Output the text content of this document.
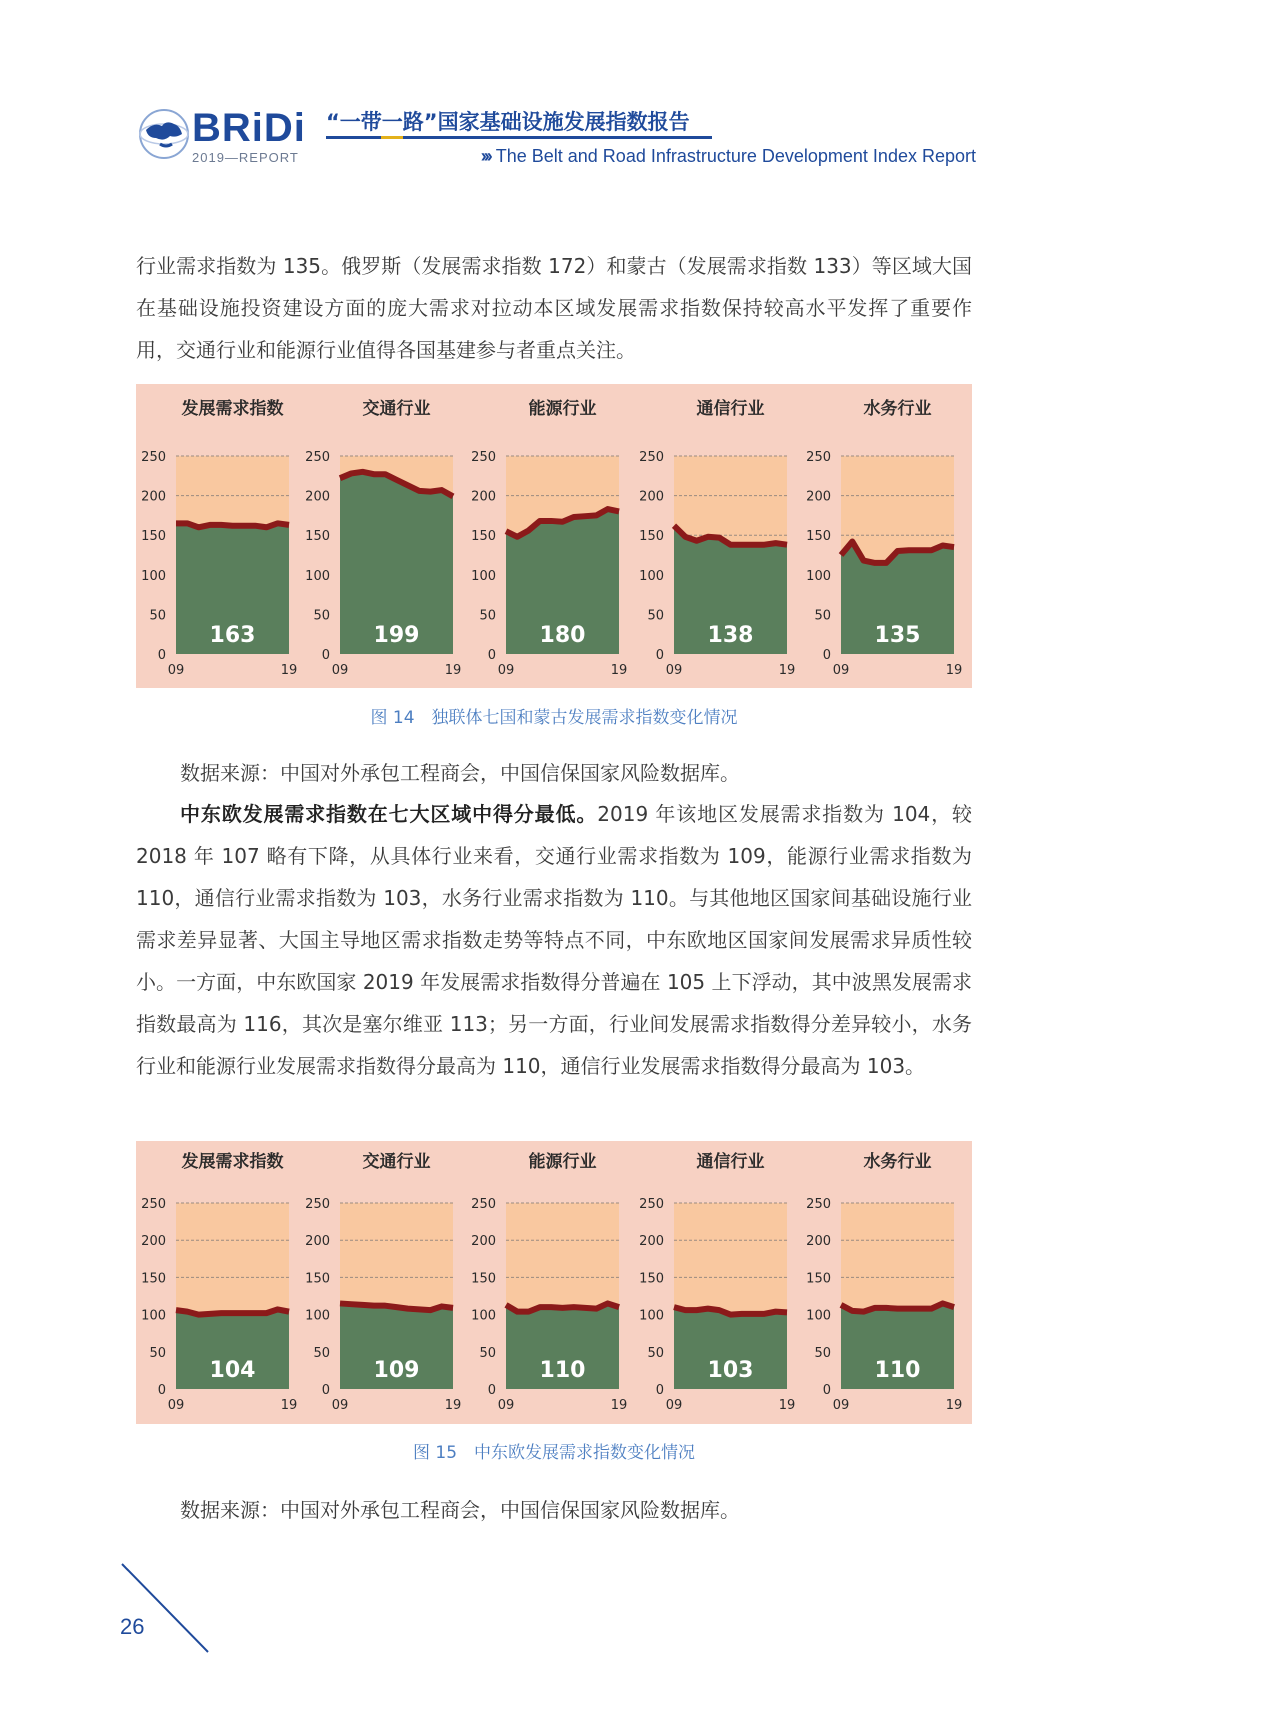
BRiDi
2019—REPORT
“一带一路”国家基础设施发展指数报告
››› The Belt and Road Infrastructure Development Index Report

行业需求指数为 135。俄罗斯（发展需求指数 172）和蒙古（发展需求指数 133）等区域大国在基础设施投资建设方面的庞大需求对拉动本区域发展需求指数保持较高水平发挥了重要作用，交通行业和能源行业值得各国基建参与者重点关注。

发展需求指数
0
50
100
150
200
250
163
09	19
交通行业
0
50
100
150
200
250
199
09	19
能源行业
0
50
100
150
200
250
180
09	19
通信行业
0
50
100
150
200
250
138
09	19
水务行业
0
50
100
150
200
250
135
09	19

图 14　独联体七国和蒙古发展需求指数变化情况

数据来源：中国对外承包工程商会，中国信保国家风险数据库。

中东欧发展需求指数在七大区域中得分最低。2019 年该地区发展需求指数为 104，较 2018 年 107 略有下降，从具体行业来看，交通行业需求指数为 109，能源行业需求指数为 110，通信行业需求指数为 103，水务行业需求指数为 110。与其他地区国家间基础设施行业需求差异显著、大国主导地区需求指数走势等特点不同，中东欧地区国家间发展需求异质性较小。一方面，中东欧国家 2019 年发展需求指数得分普遍在 105 上下浮动，其中波黑发展需求指数最高为 116，其次是塞尔维亚 113；另一方面，行业间发展需求指数得分差异较小，水务行业和能源行业发展需求指数得分最高为 110，通信行业发展需求指数得分最高为 103。

发展需求指数
0
50
100
150
200
250
104
09	19
交通行业
0
50
100
150
200
250
109
09	19
能源行业
0
50
100
150
200
250
110
09	19
通信行业
0
50
100
150
200
250
103
09	19
水务行业
0
50
100
150
200
250
110
09	19

图 15　中东欧发展需求指数变化情况

数据来源：中国对外承包工程商会，中国信保国家风险数据库。

26
